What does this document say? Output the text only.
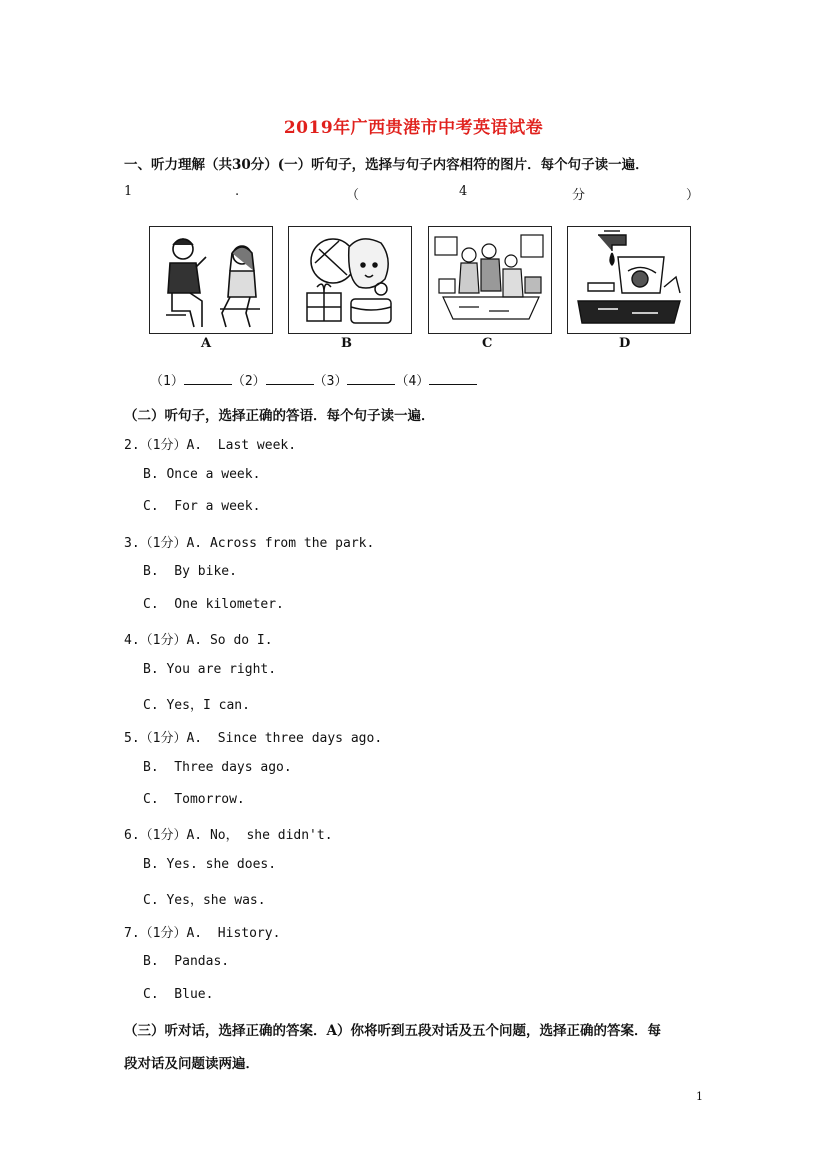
2019年广西贵港市中考英语试卷
一、听力理解（共30分）(一）听句子，选择与句子内容相符的图片．每个句子读一遍．
1	.	（	4	分	）
A	B	C	D
（1）	（2）	（3）	（4）
（二）听句子，选择正确的答语．每个句子读一遍．
2.（1分）A.  Last week.
B. Once a week.
C.  For a week.
3.（1分）A. Across from the park.
B.  By bike.
C.  One kilometer.
4.（1分）A. So do I.
B. You are right.
C. Yes，I can.
5.（1分）A.  Since three days ago.
B.  Three days ago.
C.  Tomorrow.
6.（1分）A. No， she didn't.
B. Yes. she does.
C. Yes，she was.
7.（1分）A.  History.
B.  Pandas.
C.  Blue.
（三）听对话，选择正确的答案．A）你将听到五段对话及五个问题，选择正确的答案．每
段对话及问题读两遍．
1
